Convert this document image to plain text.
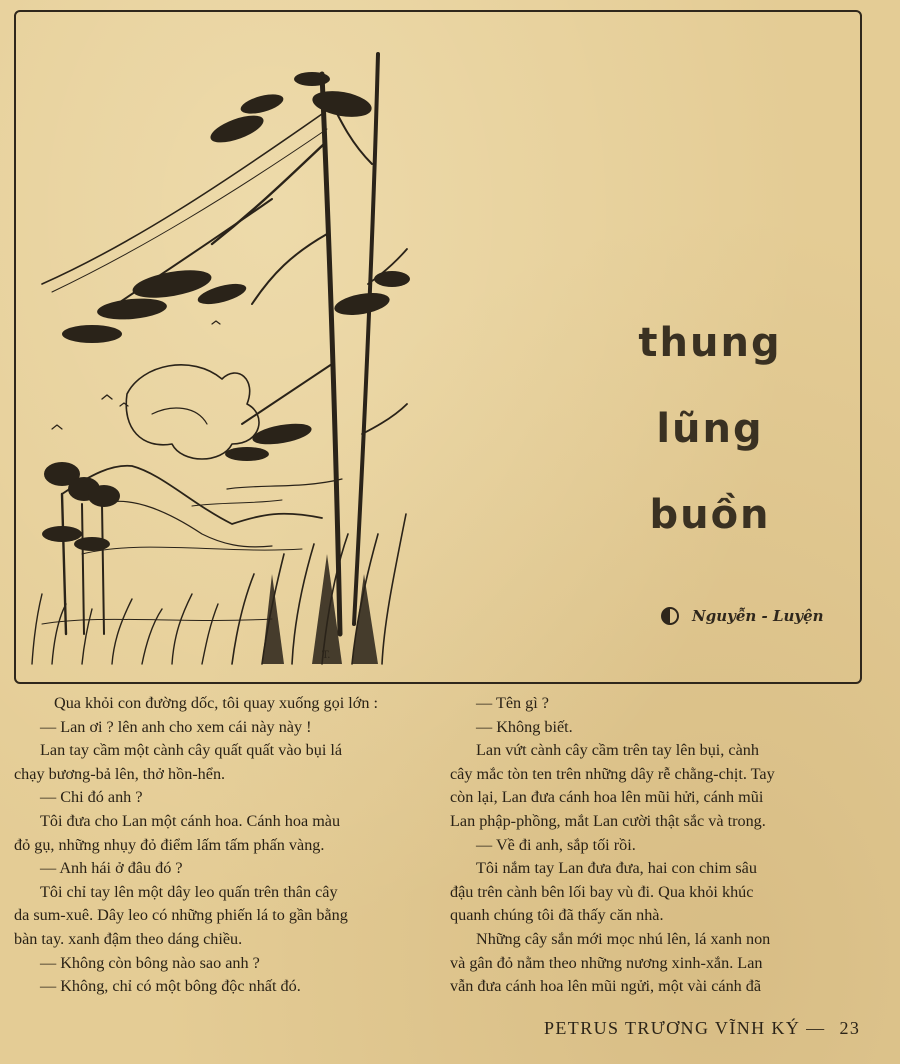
T.
thung
lũng
buồn
Nguyễn - Luyện

Qua khỏi con đường dốc, tôi quay xuống gọi lớn :

— Lan ơi ? lên anh cho xem cái này này !

Lan tay cầm một cành cây quất quất vào bụi lá

chạy bương-bả lên, thở hồn-hển.

— Chi đó anh ?

Tôi đưa cho Lan một cánh hoa. Cánh hoa màu

đỏ gụ, những nhụy đỏ điểm lấm tấm phấn vàng.

— Anh hái ở đâu đó ?

Tôi chỉ tay lên một dây leo quấn trên thân cây

da sum-xuê. Dây leo có những phiến lá to gần bằng

bàn tay. xanh đậm theo dáng chiều.

— Không còn bông nào sao anh ?

— Không, chỉ có một bông độc nhất đó.

— Tên gì ?

— Không biết.

Lan vứt cành cây cầm trên tay lên bụi, cành

cây mắc tòn ten trên những dây rễ chằng-chịt. Tay

còn lại, Lan đưa cánh hoa lên mũi hửi, cánh mũi

Lan phập-phồng, mắt Lan cười thật sắc và trong.

— Về đi anh, sắp tối rồi.

Tôi nắm tay Lan đưa đưa, hai con chim sâu

đậu trên cành bên lối bay vù đi. Qua khỏi khúc

quanh chúng tôi đã thấy căn nhà.

Những cây sắn mới mọc nhú lên, lá xanh non

và gân đỏ nằm theo những nương xinh-xắn. Lan

vẫn đưa cánh hoa lên mũi ngửi, một vài cánh đã

PETRUS TRƯƠNG VĨNH KÝ — 23
